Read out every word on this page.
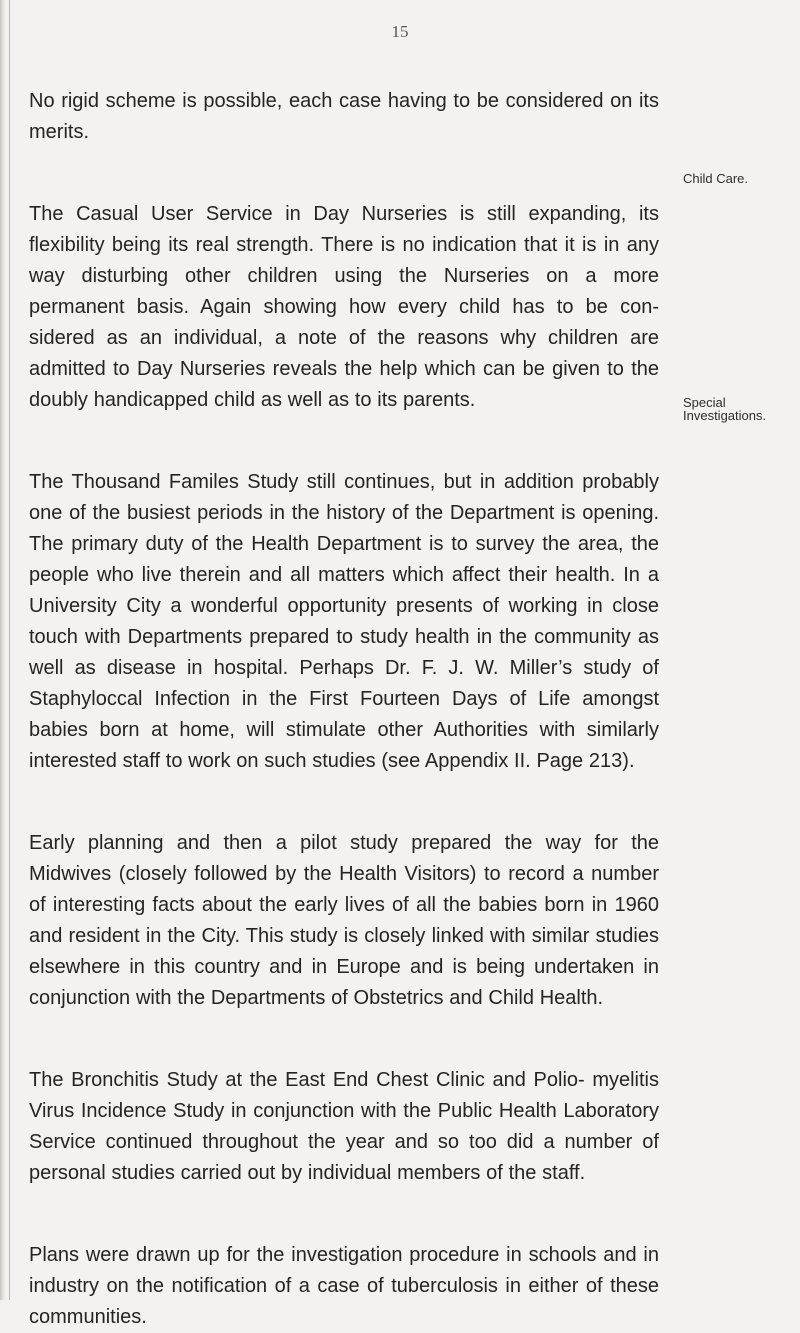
15

Child Care.

Special Investigations.

No rigid scheme is possible, each case having to be considered on its merits.

The Casual User Service in Day Nurseries is still expanding, its flexibility being its real strength. There is no indication that it is in any way disturbing other children using the Nurseries on a more permanent basis. Again showing how every child has to be con- sidered as an individual, a note of the reasons why children are admitted to Day Nurseries reveals the help which can be given to the doubly handicapped child as well as to its parents.

The Thousand Familes Study still continues, but in addition probably one of the busiest periods in the history of the Department is opening. The primary duty of the Health Department is to survey the area, the people who live therein and all matters which affect their health. In a University City a wonderful opportunity presents of working in close touch with Departments prepared to study health in the community as well as disease in hospital. Perhaps Dr. F. J. W. Miller’s study of Staphyloccal Infection in the First Fourteen Days of Life amongst babies born at home, will stimulate other Authorities with similarly interested staff to work on such studies (see Appendix II. Page 213).

Early planning and then a pilot study prepared the way for the Midwives (closely followed by the Health Visitors) to record a number of interesting facts about the early lives of all the babies born in 1960 and resident in the City. This study is closely linked with similar studies elsewhere in this country and in Europe and is being undertaken in conjunction with the Departments of Obstetrics and Child Health.

The Bronchitis Study at the East End Chest Clinic and Polio- myelitis Virus Incidence Study in conjunction with the Public Health Laboratory Service continued throughout the year and so too did a number of personal studies carried out by individual members of the staff.

Plans were drawn up for the investigation procedure in schools and in industry on the notification of a case of tuberculosis in either of these communities.
